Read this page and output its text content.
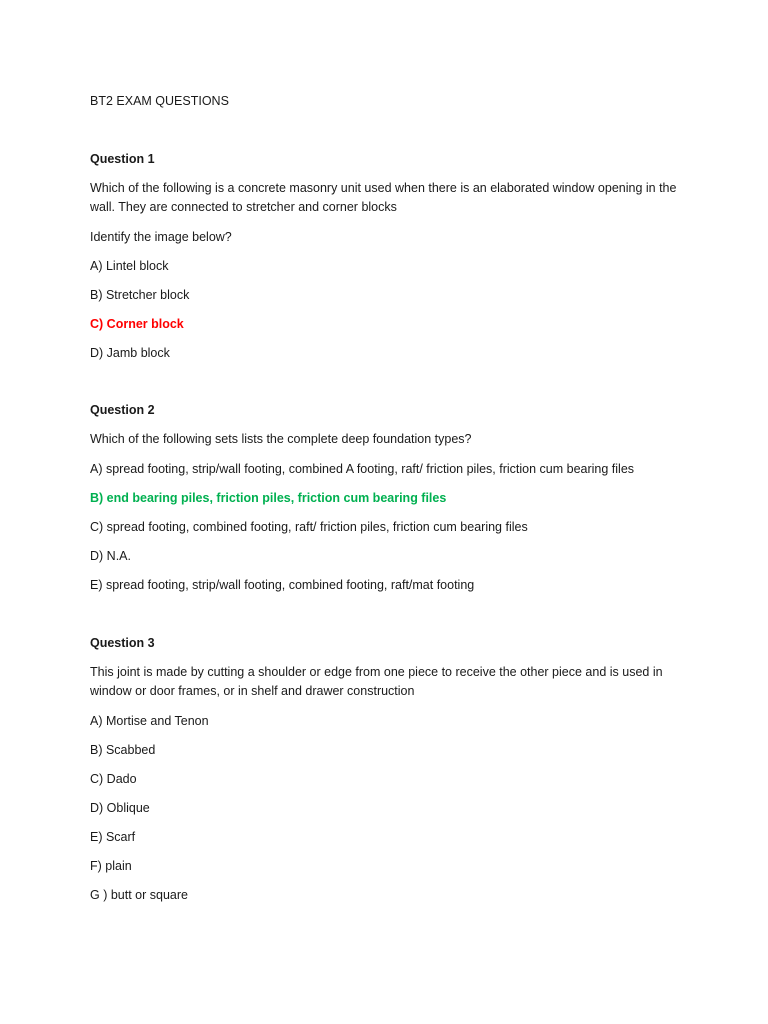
BT2 EXAM QUESTIONS
Question 1
Which of the following is a concrete masonry unit used when there is an elaborated window opening in the wall. They are connected to stretcher and corner blocks
Identify the image below?
A) Lintel block
B) Stretcher block
C) Corner block
D) Jamb block
Question 2
Which of the following sets lists the complete deep foundation types?
A) spread footing, strip/wall footing, combined A footing, raft/ friction piles, friction cum bearing files
B) end bearing piles, friction piles, friction cum bearing files
C) spread footing, combined footing, raft/ friction piles, friction cum bearing files
D) N.A.
E) spread footing, strip/wall footing, combined footing, raft/mat footing
Question 3
This joint is made by cutting a shoulder or edge from one piece to receive the other piece and is used in window or door frames, or in shelf and drawer construction
A) Mortise and Tenon
B) Scabbed
C) Dado
D) Oblique
E) Scarf
F) plain
G ) butt or square
